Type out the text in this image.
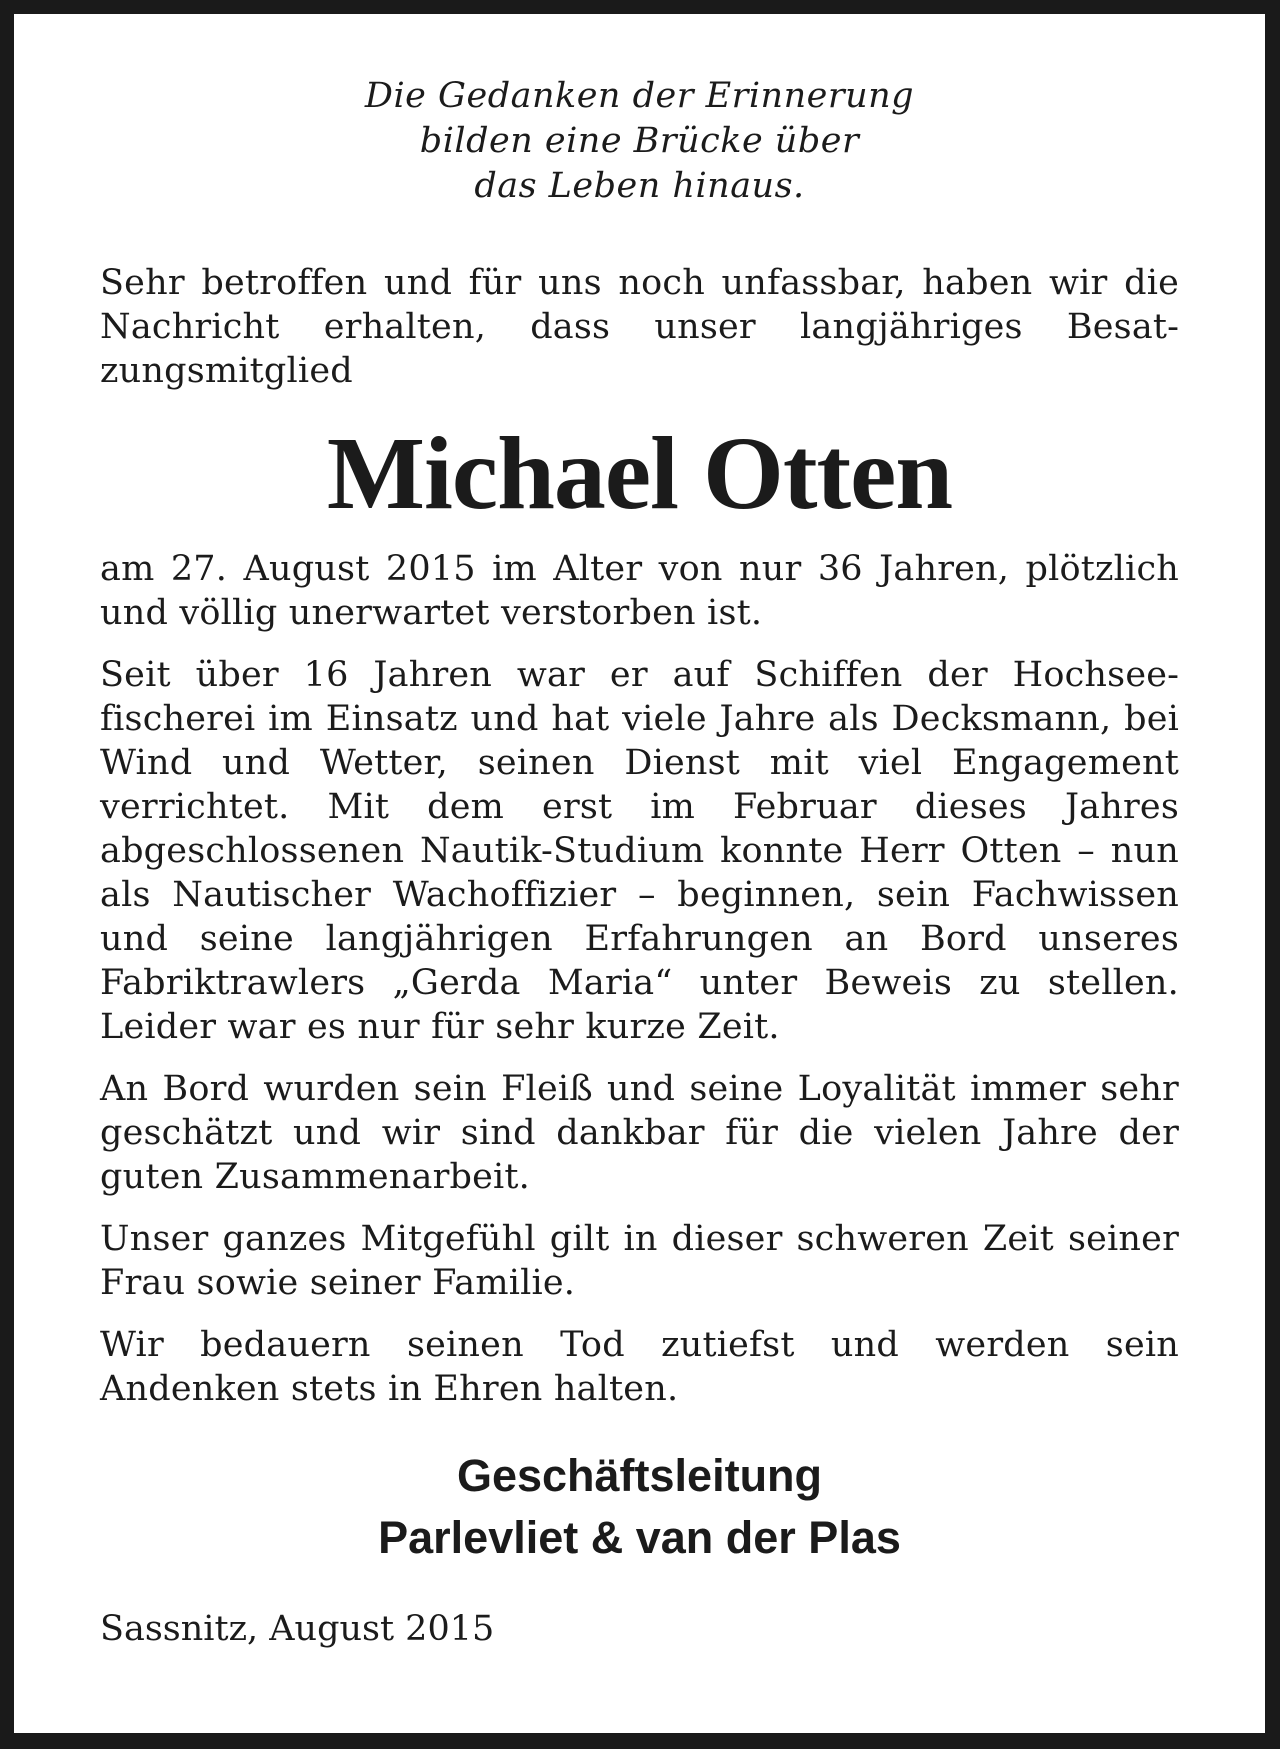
Die Gedanken der Erinnerung
bilden eine Brücke über
das Leben hinaus.

Sehr betroffen und für uns noch unfassbar, haben wir die Nachricht erhalten, dass unser langjähriges Besatzungsmitglied

Michael Otten

am 27. August 2015 im Alter von nur 36 Jahren, plötzlich und völlig unerwartet verstorben ist.

Seit über 16 Jahren war er auf Schiffen der Hochseefischerei im Einsatz und hat viele Jahre als Decksmann, bei Wind und Wetter, seinen Dienst mit viel Engagement verrichtet. Mit dem erst im Februar dieses Jahres abgeschlossenen Nautik-Studium konnte Herr Otten – nun als Nautischer Wachoffizier – beginnen, sein Fachwissen und seine langjährigen Erfahrungen an Bord unseres Fabriktrawlers „Gerda Maria“ unter Beweis zu stellen. Leider war es nur für sehr kurze Zeit.

An Bord wurden sein Fleiß und seine Loyalität immer sehr geschätzt und wir sind dankbar für die vielen Jahre der guten Zusammenarbeit.

Unser ganzes Mitgefühl gilt in dieser schweren Zeit seiner Frau sowie seiner Familie.

Wir bedauern seinen Tod zutiefst und werden sein Andenken stets in Ehren halten.

Geschäftsleitung
Parlevliet & van der Plas
Sassnitz, August 2015
